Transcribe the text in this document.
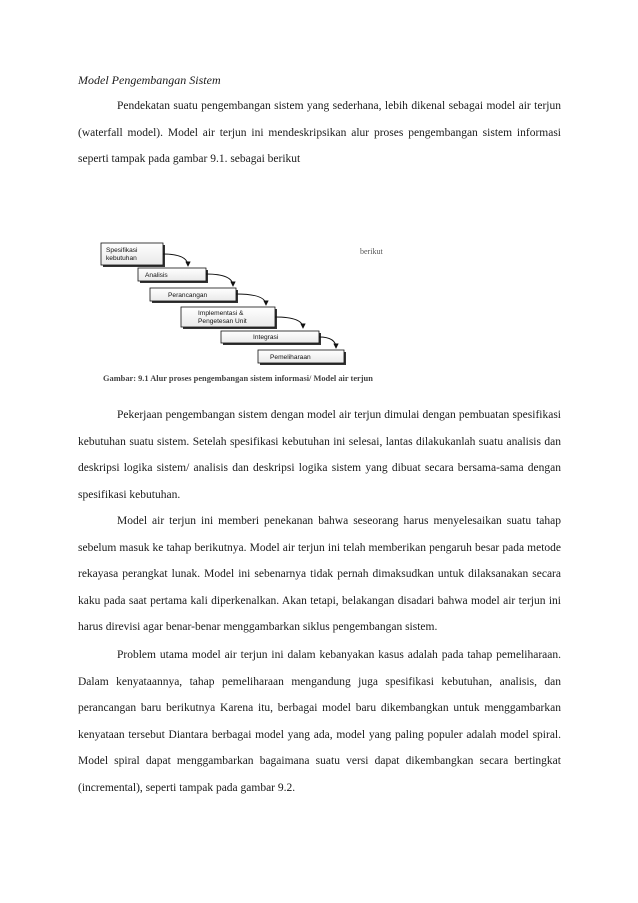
Model Pengembangan Sistem

Pendekatan suatu pengembangan sistem yang sederhana, lebih dikenal sebagai model air terjun (waterfall model). Model air terjun ini mendeskripsikan alur proses pengembangan sistem informasi seperti tampak pada gambar 9.1. sebagai berikut

Spesifikasi
kebutuhan
Analisis
Perancangan
Implementasi &
Pengetesan Unit
Integrasi
Pemeliharaan
berikut
Gambar: 9.1 Alur proses pengembangan sistem informasi/ Model air terjun

Pekerjaan pengembangan sistem dengan model air terjun dimulai dengan pembuatan spesifikasi kebutuhan suatu sistem. Setelah spesifikasi kebutuhan ini selesai, lantas dilakukanlah suatu analisis dan deskripsi logika sistem/ analisis dan deskripsi logika sistem yang dibuat secara bersama-sama dengan spesifikasi kebutuhan.

Model air terjun ini memberi penekanan bahwa seseorang harus menyelesaikan suatu tahap sebelum masuk ke tahap berikutnya. Model air terjun ini telah memberikan pengaruh besar pada metode rekayasa perangkat lunak. Model ini sebenarnya tidak pernah dimaksudkan untuk dilaksanakan secara kaku pada saat pertama kali diperkenalkan. Akan tetapi, belakangan disadari bahwa model air terjun ini harus direvisi agar benar-benar menggambarkan siklus pengembangan sistem.

Problem utama model air terjun ini dalam kebanyakan kasus adalah pada tahap pemeliharaan. Dalam kenyataannya, tahap pemeliharaan mengandung juga spesifikasi kebutuhan, analisis, dan perancangan baru berikutnya Karena itu, berbagai model baru dikembangkan untuk menggambarkan kenyataan tersebut Diantara berbagai model yang ada, model yang paling populer adalah model spiral. Model spiral dapat menggambarkan bagaimana suatu versi dapat dikembangkan secara bertingkat (incremental), seperti tampak pada gambar 9.2.
